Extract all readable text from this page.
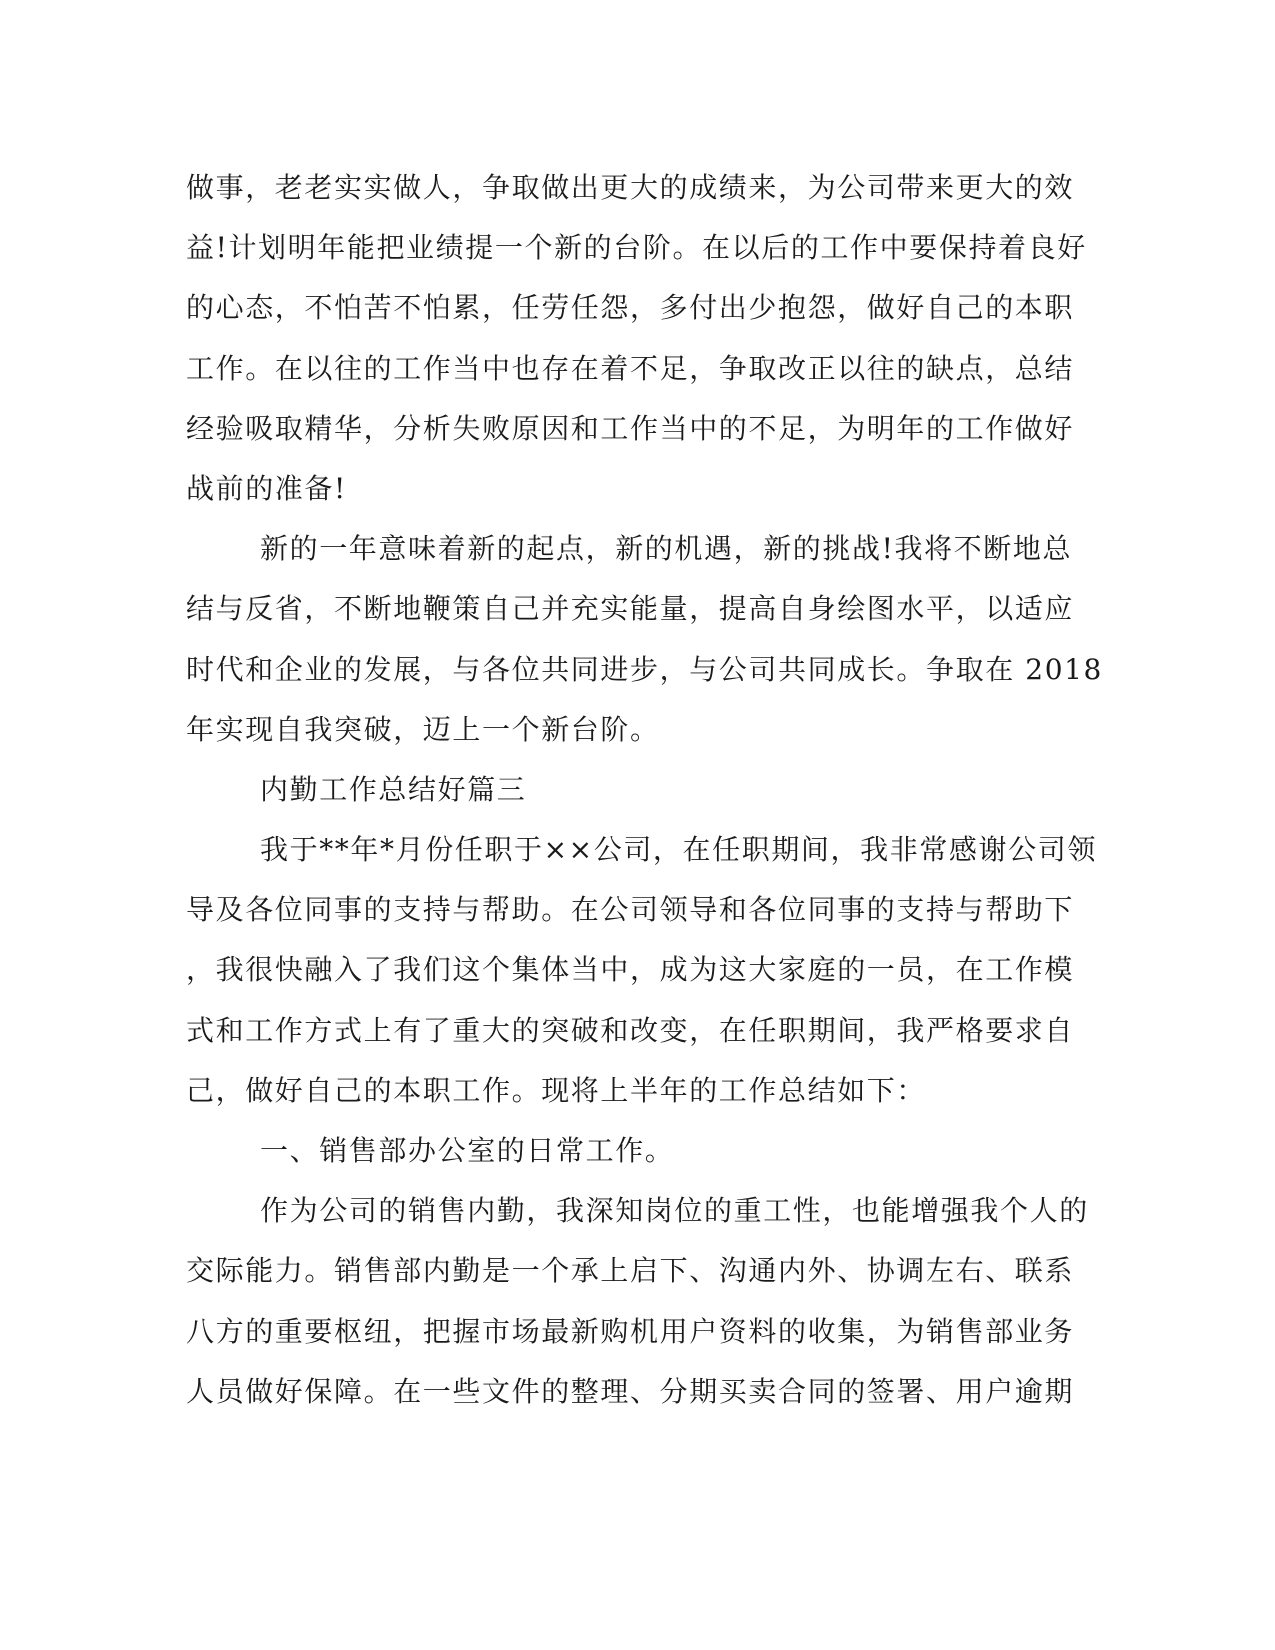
做事，老老实实做人，争取做出更大的成绩来，为公司带来更大的效
益!计划明年能把业绩提一个新的台阶。在以后的工作中要保持着良好
的心态，不怕苦不怕累，任劳任怨，多付出少抱怨，做好自己的本职
工作。在以往的工作当中也存在着不足，争取改正以往的缺点，总结
经验吸取精华，分析失败原因和工作当中的不足，为明年的工作做好
战前的准备!
新的一年意味着新的起点，新的机遇，新的挑战!我将不断地总
结与反省，不断地鞭策自己并充实能量，提高自身绘图水平，以适应
时代和企业的发展，与各位共同进步，与公司共同成长。争取在 2018
年实现自我突破，迈上一个新台阶。
内勤工作总结好篇三
我于**年*月份任职于××公司，在任职期间，我非常感谢公司领
导及各位同事的支持与帮助。在公司领导和各位同事的支持与帮助下
，我很快融入了我们这个集体当中，成为这大家庭的一员，在工作模
式和工作方式上有了重大的突破和改变，在任职期间，我严格要求自
己，做好自己的本职工作。现将上半年的工作总结如下：
一、销售部办公室的日常工作。
作为公司的销售内勤，我深知岗位的重工性，也能增强我个人的
交际能力。销售部内勤是一个承上启下、沟通内外、协调左右、联系
八方的重要枢纽，把握市场最新购机用户资料的收集，为销售部业务
人员做好保障。在一些文件的整理、分期买卖合同的签署、用户逾期
